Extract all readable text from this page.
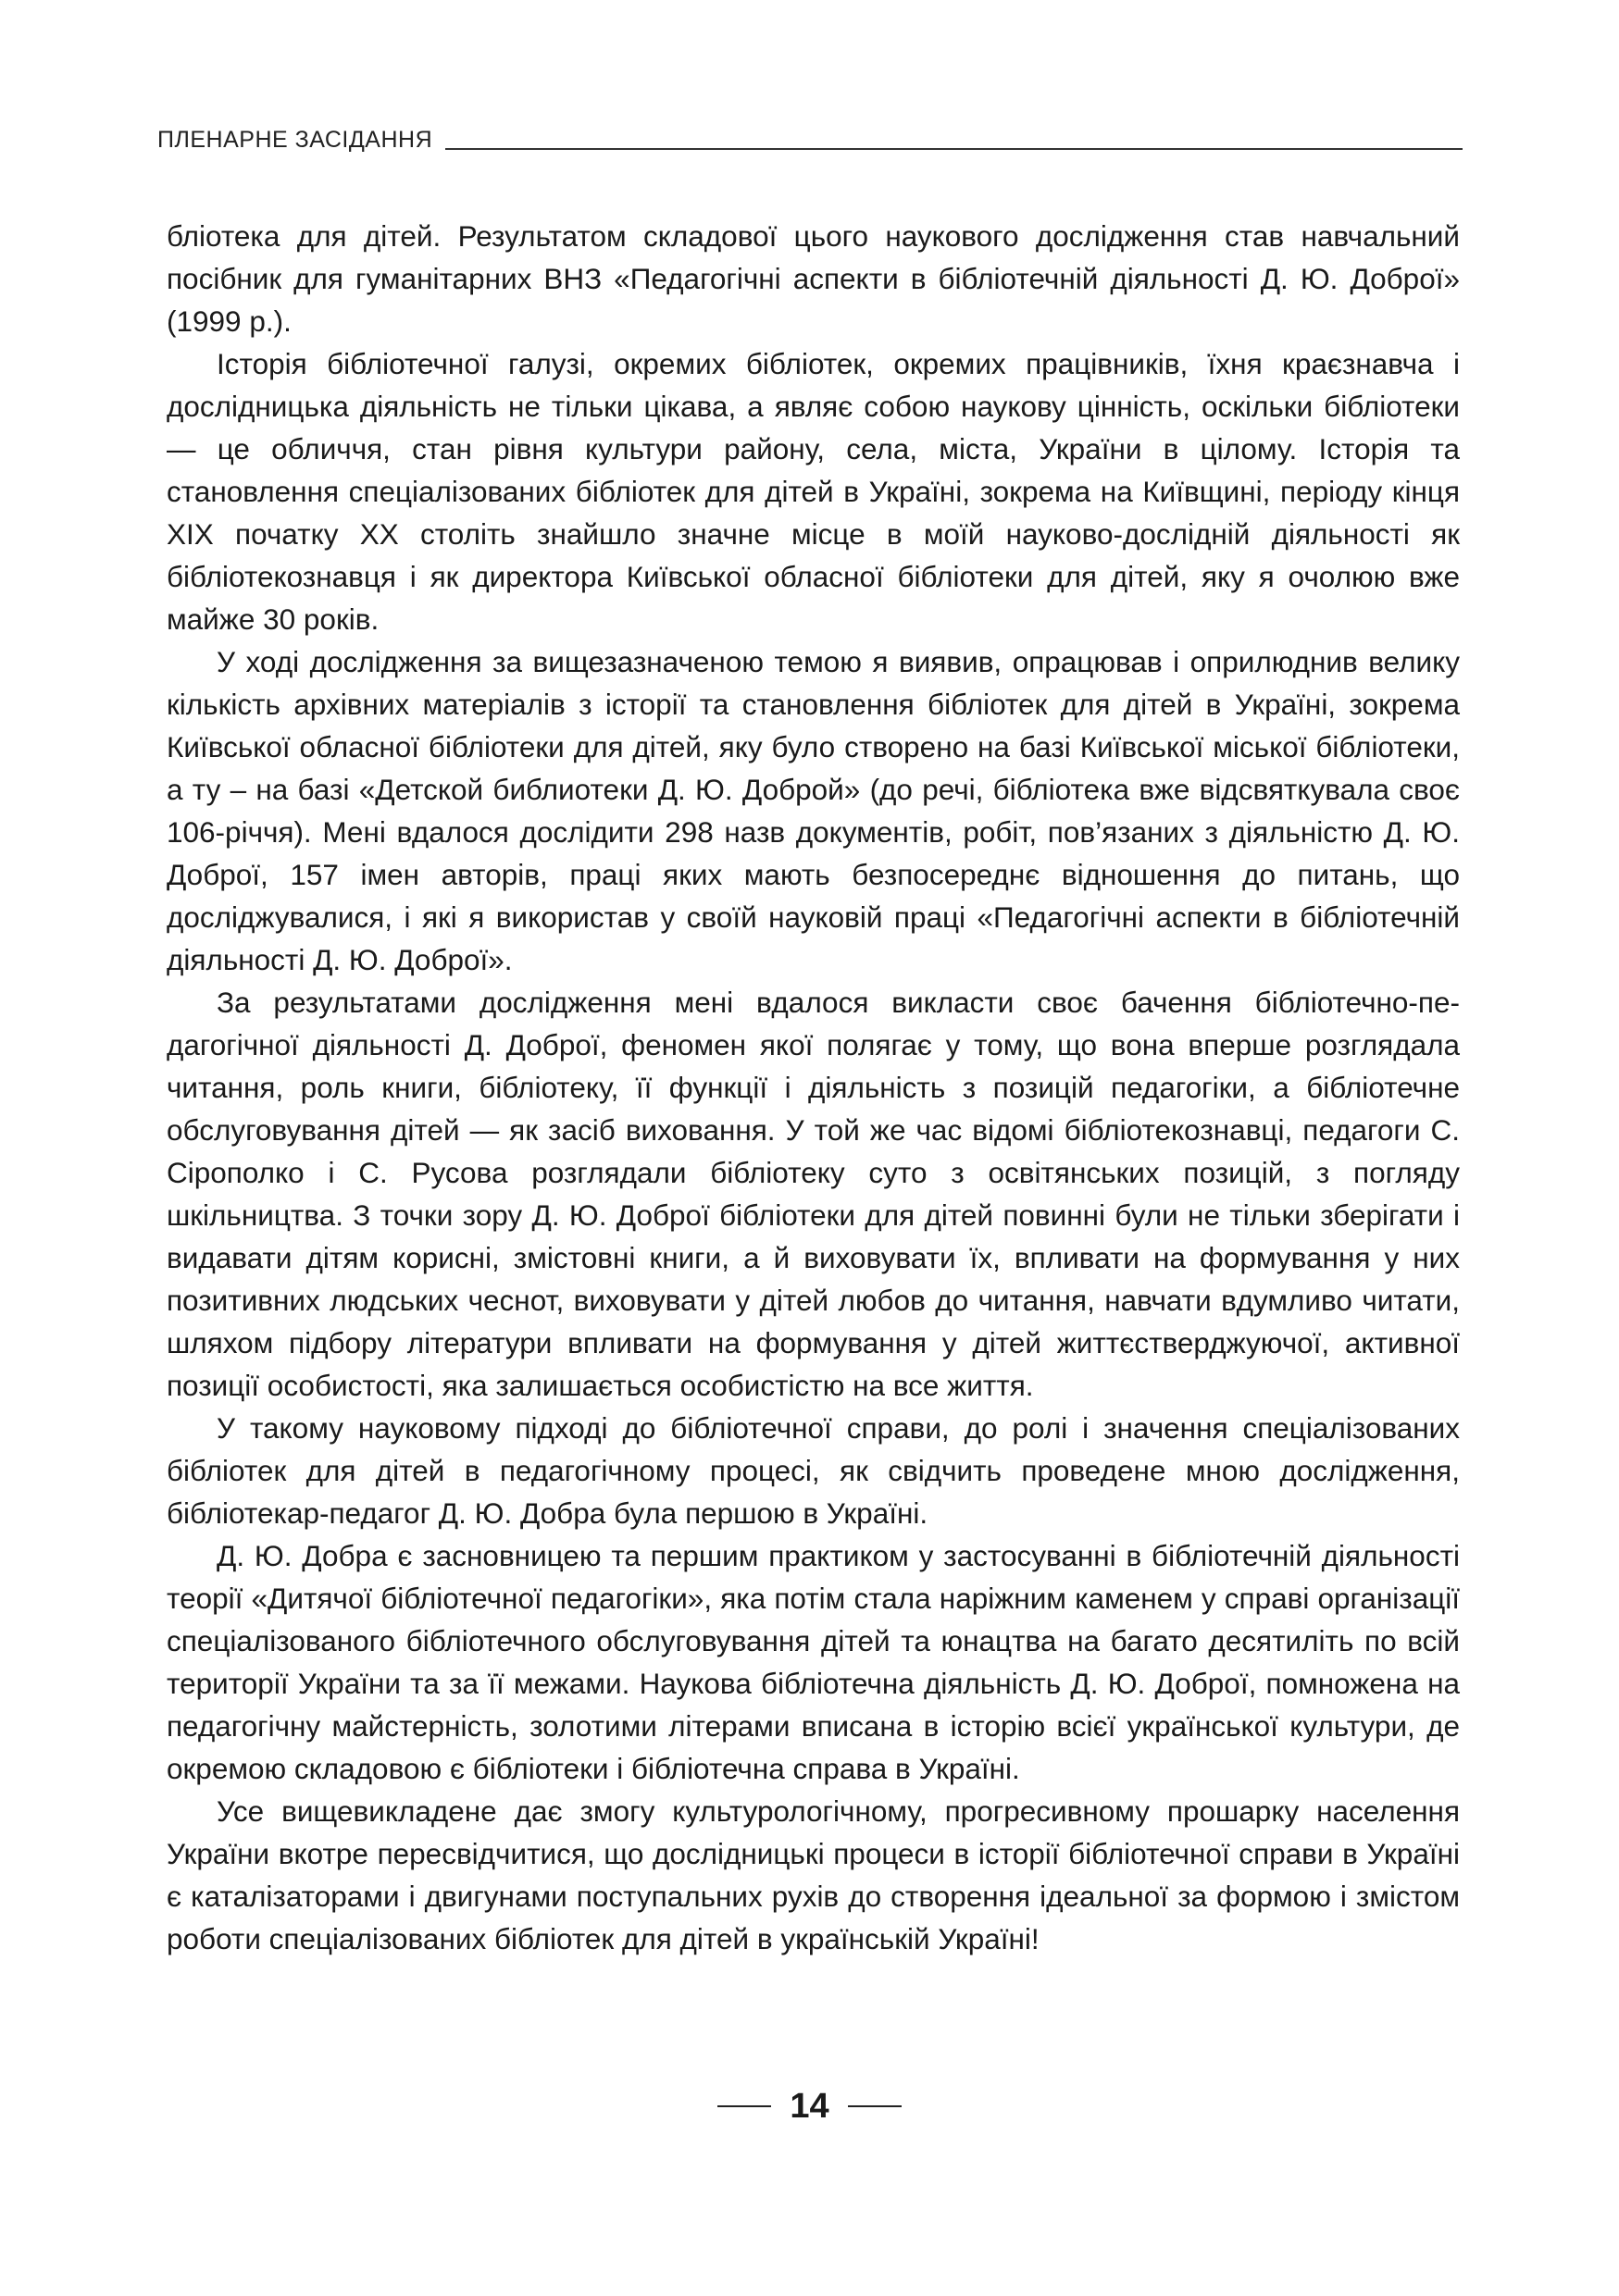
ПЛЕНАРНЕ ЗАСІДАННЯ

бліотека для дітей. Результатом складової цього наукового дослідження став навчальний посібник для гуманітарних ВНЗ «Педагогічні аспекти в бібліотечній діяльності Д. Ю. Доброї» (1999 р.).

Історія бібліотечної галузі, окремих бібліотек, окремих працівників, їхня краєзнавча і дослідницька діяльність не тільки цікава, а являє собою наукову цінність, оскільки бібліотеки — це обличчя, стан рівня культури району, села, міста, України в цілому. Історія та становлення спеціалізованих бібліотек для дітей в Україні, зокрема на Київщині, періоду кінця XIX початку XX століть знайшло значне місце в моїй науково-дослідній діяльності як бібліотекознавця і як директора Київської обласної бібліотеки для дітей, яку я очолюю вже майже 30 років.

У ході дослідження за вищезазначеною темою я виявив, опрацював і оприлюднив велику кількість архівних матеріалів з історії та становлення бібліотек для дітей в Україні, зокрема Київської обласної бібліотеки для дітей, яку було створено на базі Київської міської бібліотеки, а ту – на базі «Детской библиотеки Д. Ю. Доброй» (до речі, бібліотека вже відсвяткувала своє 106-річчя). Мені вдалося дослідити 298 назв документів, робіт, пов’язаних з діяльністю Д. Ю. Доброї, 157 імен авторів, праці яких мають безпосереднє відношення до питань, що досліджувалися, і які я використав у своїй науковій праці «Педагогічні аспекти в бібліотечній діяльності Д. Ю. Доброї».

За результатами дослідження мені вдалося викласти своє бачення бібліотечно-педагогічної діяльності Д. Доброї, феномен якої полягає у тому, що вона вперше розглядала читання, роль книги, бібліотеку, її функції і діяльність з позицій педагогіки, а бібліотечне обслуговування дітей — як засіб виховання. У той же час відомі бібліотекознавці, педагоги С. Сірополко і С. Русова розглядали бібліотеку суто з освітянських позицій, з погляду шкільництва. З точки зору Д. Ю. Доброї бібліотеки для дітей повинні були не тільки зберігати і видавати дітям корисні, змістовні книги, а й виховувати їх, впливати на формування у них позитивних людських чеснот, виховувати у дітей любов до читання, навчати вдумливо читати, шляхом підбору літератури впливати на формування у дітей життєстверджуючої, активної позиції особистості, яка залишається особистістю на все життя.

У такому науковому підході до бібліотечної справи, до ролі і значення спеціалізованих бібліотек для дітей в педагогічному процесі, як свідчить проведене мною дослідження, бібліотекар-педагог Д. Ю. Добра була першою в Україні.

Д. Ю. Добра є засновницею та першим практиком у застосуванні в бібліотечній діяльності теорії «Дитячої бібліотечної педагогіки», яка потім стала наріжним каменем у справі організації спеціалізованого бібліотечного обслуговування дітей та юнацтва на багато десятиліть по всій території України та за її межами. Наукова бібліотечна діяльність Д. Ю. Доброї, помножена на педагогічну майстерність, золотими літерами вписана в історію всієї української культури, де окремою складовою є бібліотеки і бібліотечна справа в Україні.

Усе вищевикладене дає змогу культурологічному, прогресивному прошарку населення України вкотре пересвідчитися, що дослідницькі процеси в історії бібліотечної справи в Україні є каталізаторами і двигунами поступальних рухів до створення ідеальної за формою і змістом роботи спеціалізованих бібліотек для дітей в українській Україні!

14
